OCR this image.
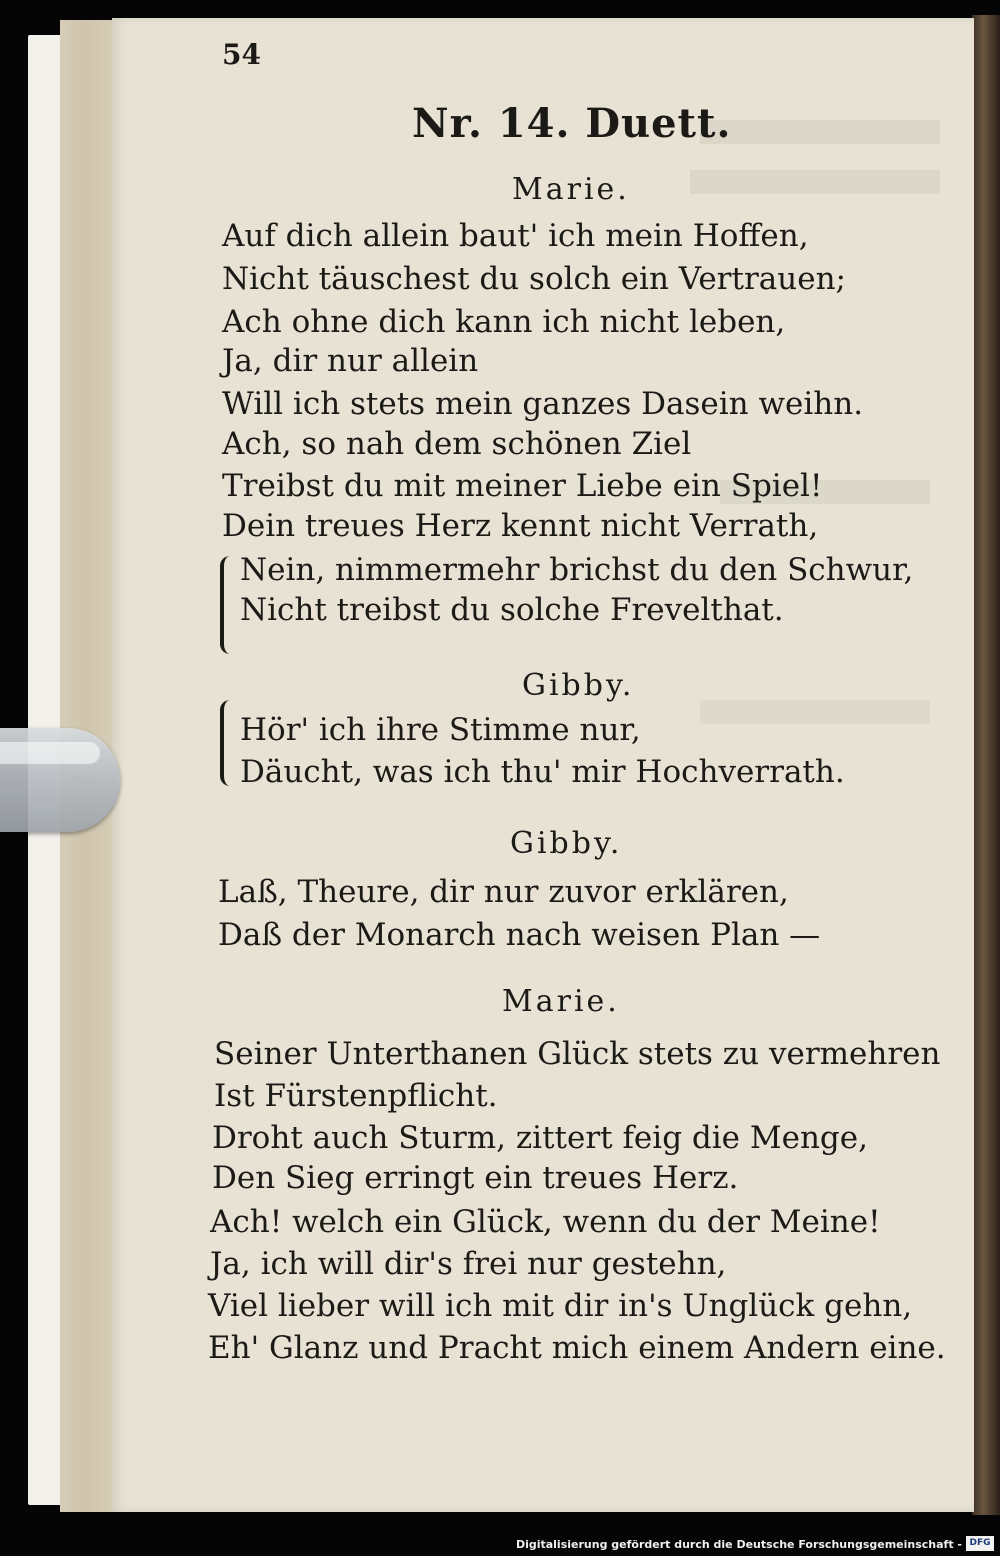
54
Nr. 14. Duett.
Marie.
Auf dich allein baut' ich mein Hoffen,
Nicht täuschest du solch ein Vertrauen;
Ach ohne dich kann ich nicht leben,
Ja, dir nur allein
Will ich stets mein ganzes Dasein weihn.
Ach, so nah dem schönen Ziel
Treibst du mit meiner Liebe ein Spiel!
Dein treues Herz kennt nicht Verrath,
Nein, nimmermehr brichst du den Schwur,
Nicht treibst du solche Frevelthat.
Gibby.
Hör' ich ihre Stimme nur,
Däucht, was ich thu' mir Hochverrath.
Gibby.
Laß, Theure, dir nur zuvor erklären,
Daß der Monarch nach weisen Plan —
Marie.
Seiner Unterthanen Glück stets zu vermehren
Ist Fürstenpflicht.
Droht auch Sturm, zittert feig die Menge,
Den Sieg erringt ein treues Herz.
Ach! welch ein Glück, wenn du der Meine!
Ja, ich will dir's frei nur gestehn,
Viel lieber will ich mit dir in's Unglück gehn,
Eh' Glanz und Pracht mich einem Andern eine.
Digitalisierung gefördert durch die Deutsche Forschungsgemeinschaft - DFG
